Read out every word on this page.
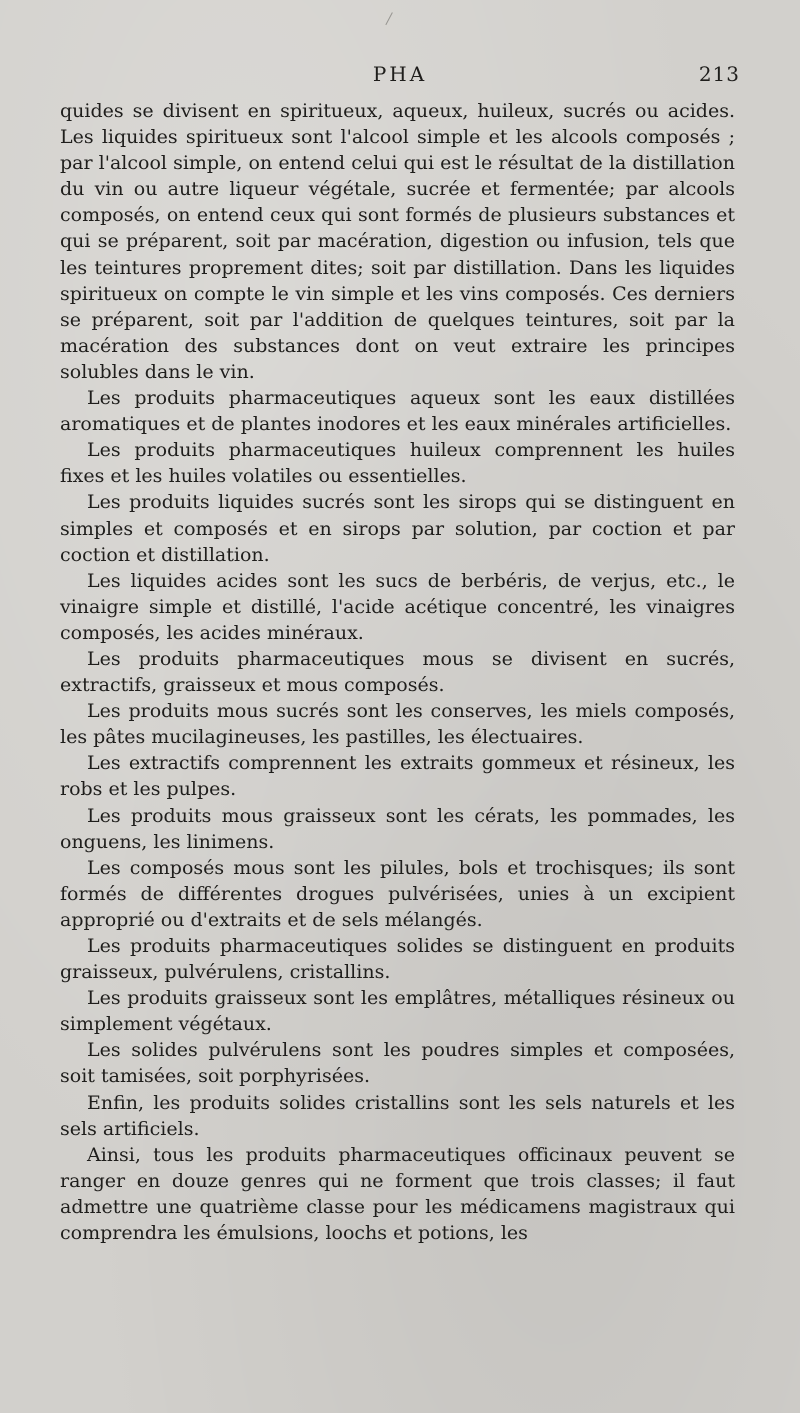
PHA	213

quides se divisent en spiritueux, aqueux, huileux, sucrés ou acides. Les liquides spiritueux sont l'alcool simple et les alcools composés ; par l'alcool simple, on entend celui qui est le résultat de la distillation du vin ou autre liqueur végétale, sucrée et fermentée; par alcools composés, on entend ceux qui sont formés de plusieurs substances et qui se préparent, soit par macération, digestion ou infusion, tels que les teintures proprement dites; soit par distillation. Dans les liquides spiritueux on compte le vin simple et les vins composés. Ces derniers se préparent, soit par l'addition de quelques teintures, soit par la macération des substances dont on veut extraire les principes solubles dans le vin.

Les produits pharmaceutiques aqueux sont les eaux distillées aromatiques et de plantes inodores et les eaux minérales artificielles.

Les produits pharmaceutiques huileux comprennent les huiles fixes et les huiles volatiles ou essentielles.

Les produits liquides sucrés sont les sirops qui se distinguent en simples et composés et en sirops par solution, par coction et par coction et distillation.

Les liquides acides sont les sucs de berbéris, de verjus, etc., le vinaigre simple et distillé, l'acide acétique concentré, les vinaigres composés, les acides minéraux.

Les produits pharmaceutiques mous se divisent en sucrés, extractifs, graisseux et mous composés.

Les produits mous sucrés sont les conserves, les miels composés, les pâtes mucilagineuses, les pastilles, les électuaires.

Les extractifs comprennent les extraits gommeux et résineux, les robs et les pulpes.

Les produits mous graisseux sont les cérats, les pommades, les onguens, les linimens.

Les composés mous sont les pilules, bols et trochisques; ils sont formés de différentes drogues pulvérisées, unies à un excipient approprié ou d'extraits et de sels mélangés.

Les produits pharmaceutiques solides se distinguent en produits graisseux, pulvérulens, cristallins.

Les produits graisseux sont les emplâtres, métalliques résineux ou simplement végétaux.

Les solides pulvérulens sont les poudres simples et composées, soit tamisées, soit porphyrisées.

Enfin, les produits solides cristallins sont les sels naturels et les sels artificiels.

Ainsi, tous les produits pharmaceutiques officinaux peuvent se ranger en douze genres qui ne forment que trois classes; il faut admettre une quatrième classe pour les médicamens magistraux qui comprendra les émulsions, loochs et potions, les
